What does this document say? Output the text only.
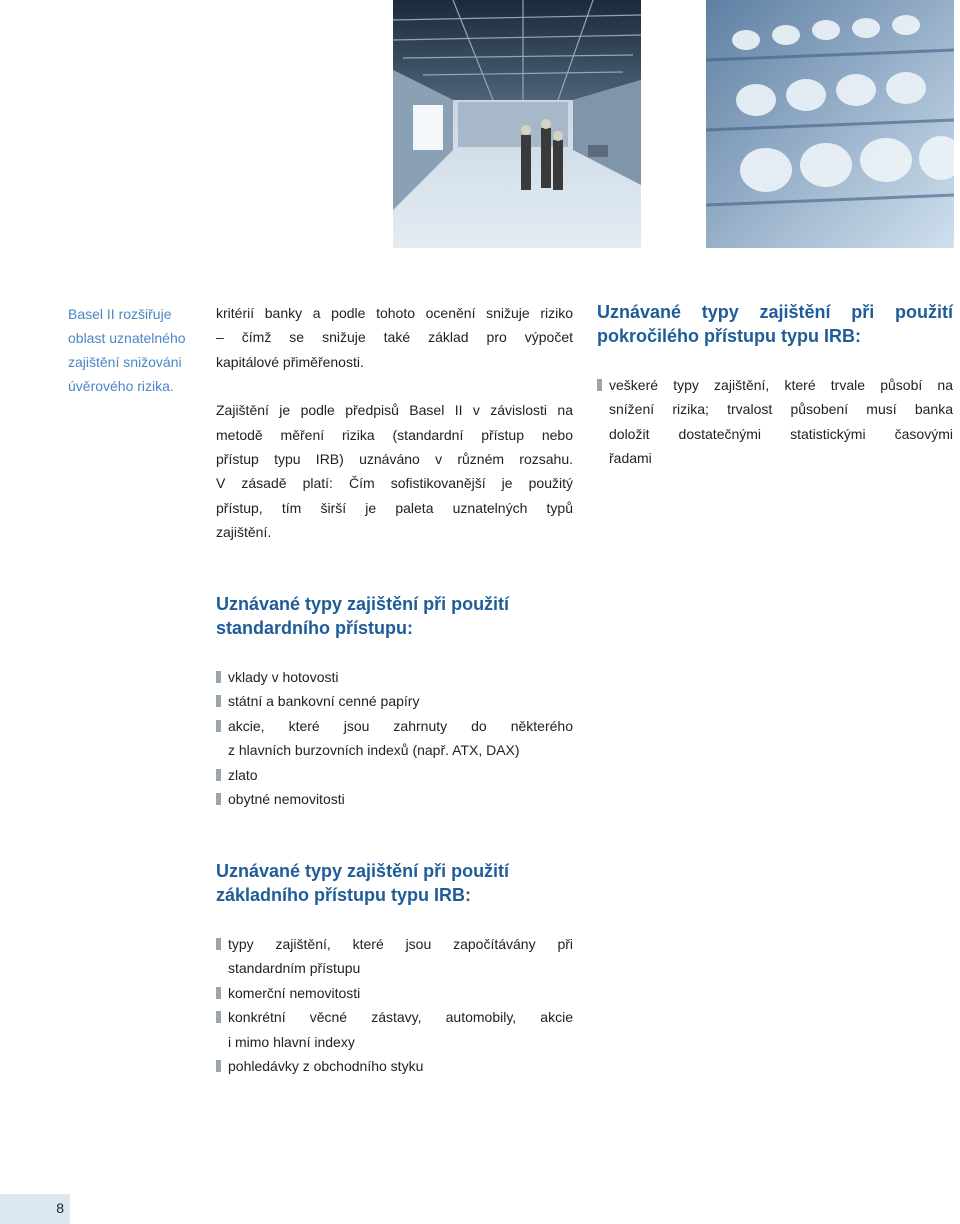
Basel II rozšiřuje
oblast uznatelného
zajištění snižováni
úvěrového rizika.
kritérií banky a podle tohoto ocenění snižuje riziko
– čímž se snižuje také základ pro výpočet
kapitálové přiměřenosti.
Zajištění je podle předpisů Basel II v závislosti na
metodě měření rizika (standardní přístup nebo
přístup typu IRB) uznáváno v různém rozsahu.
V zásadě platí: Čím sofistikovanější je použitý
přístup, tím širší je paleta uznatelných typů
zajištění.
Uznávané typy zajištění při použití
pokročilého přístupu typu IRB:
veškeré typy zajištění, které trvale působí na
snížení rizika; trvalost působení musí banka
doložit dostatečnými statistickými časovými
řadami
Uznávané typy zajištění při použití
standardního přístupu:
vklady v hotovosti
státní a bankovní cenné papíry
akcie, které jsou zahrnuty do některého
z hlavních burzovních indexů (např. ATX, DAX)
zlato
obytné nemovitosti
Uznávané typy zajištění při použití
základního přístupu typu IRB:
typy zajištění, které jsou započítávány při
standardním přístupu
komerční nemovitosti
konkrétní věcné zástavy, automobily, akcie
i mimo hlavní indexy
pohledávky z obchodního styku
8
